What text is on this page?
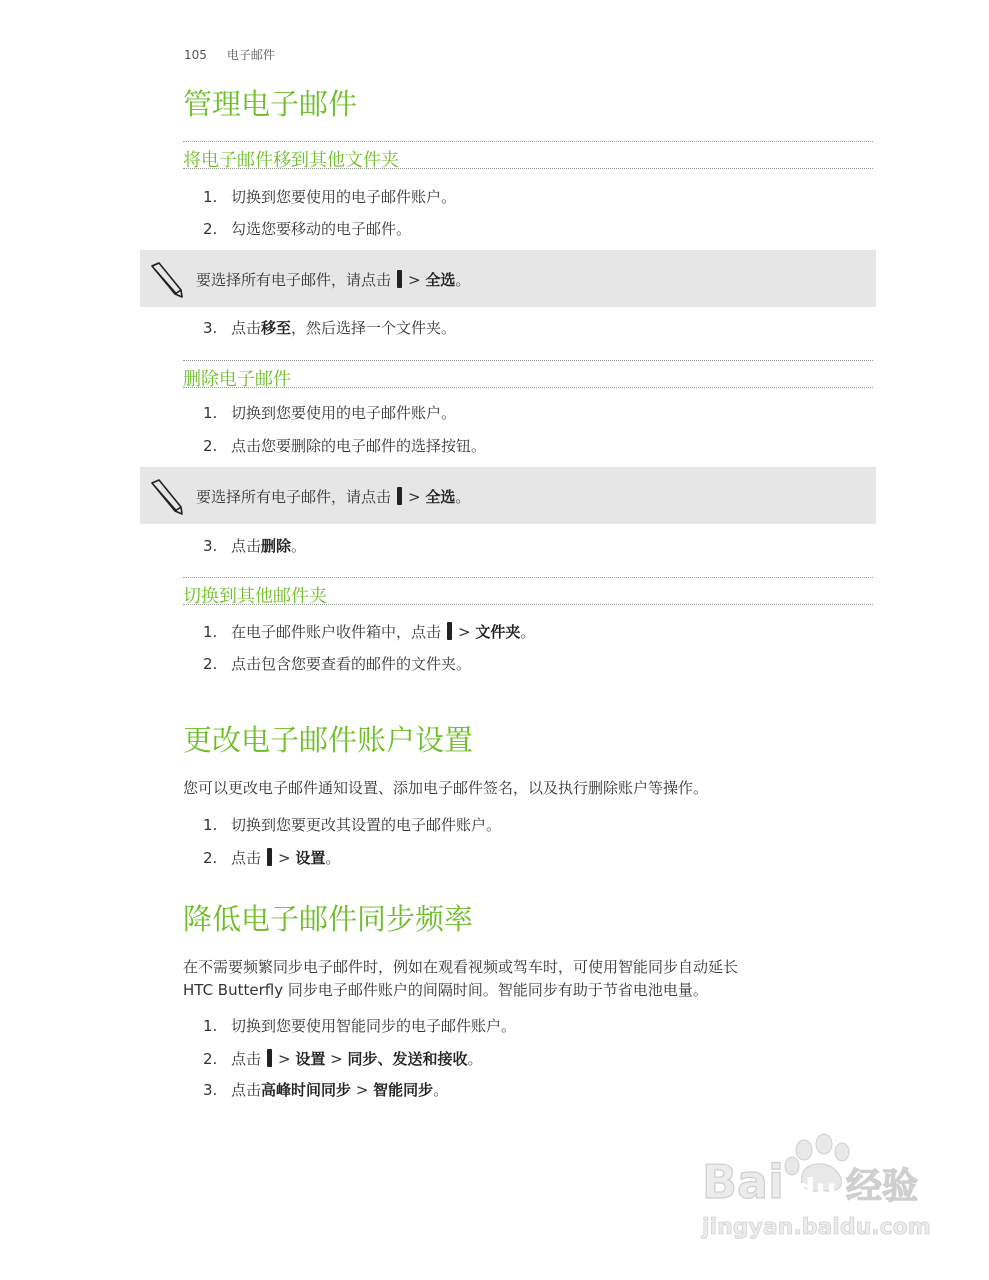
105 电子邮件
管理电子邮件
将电子邮件移到其他文件夹
1. 切换到您要使用的电子邮件账户。
2. 勾选您要移动的电子邮件。
要选择所有电子邮件，请点击 > 全选。
3. 点击移至，然后选择一个文件夹。
删除电子邮件
1. 切换到您要使用的电子邮件账户。
2. 点击您要删除的电子邮件的选择按钮。
要选择所有电子邮件，请点击 > 全选。
3. 点击删除。
切换到其他邮件夹
1. 在电子邮件账户收件箱中，点击 > 文件夹。
2. 点击包含您要查看的邮件的文件夹。
更改电子邮件账户设置
您可以更改电子邮件通知设置、添加电子邮件签名，以及执行删除账户等操作。
1. 切换到您要更改其设置的电子邮件账户。
2. 点击 > 设置。
降低电子邮件同步频率
在不需要频繁同步电子邮件时，例如在观看视频或驾车时，可使用智能同步自动延长
HTC Butterfly 同步电子邮件账户的间隔时间。智能同步有助于节省电池电量。
1. 切换到您要使用智能同步的电子邮件账户。
2. 点击 > 设置 > 同步、发送和接收。
3. 点击高峰时间同步 > 智能同步。
Bai du 经验
jingyan.baidu.com
